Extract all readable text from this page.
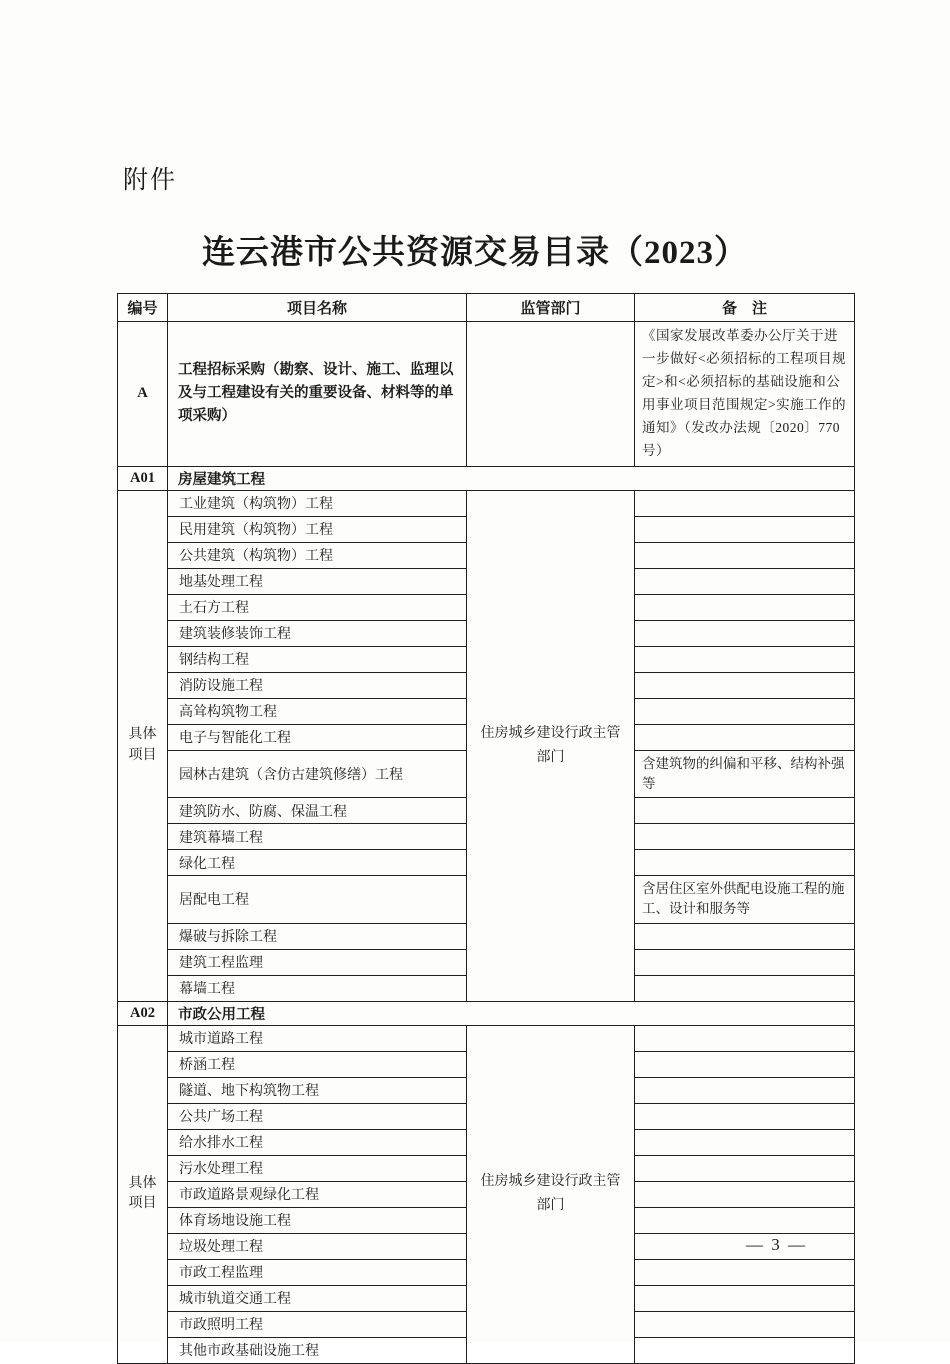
附件
连云港市公共资源交易目录（2023）
编号	项目名称	监管部门	备　注
A	工程招标采购（勘察、设计、施工、监理以及与工程建设有关的重要设备、材料等的单项采购）		《国家发展改革委办公厅关于进一步做好<必须招标的工程项目规定>和<必须招标的基础设施和公用事业项目范围规定>实施工作的通知》（发改办法规〔2020〕770 号）
A01	房屋建筑工程		
具体项目	工业建筑（构筑物）工程	住房城乡建设行政主管部门	
	民用建筑（构筑物）工程		
	公共建筑（构筑物）工程		
	地基处理工程		
	土石方工程		
	建筑装修装饰工程		
	钢结构工程		
	消防设施工程		
	高耸构筑物工程		
	电子与智能化工程		
	园林古建筑（含仿古建筑修缮）工程		含建筑物的纠偏和平移、结构补强等
	建筑防水、防腐、保温工程		
	建筑幕墙工程		
	绿化工程		
	居配电工程		含居住区室外供配电设施工程的施工、设计和服务等
	爆破与拆除工程		
	建筑工程监理		
	幕墙工程		
A02	市政公用工程		
具体项目	城市道路工程	住房城乡建设行政主管部门	
	桥涵工程		
	隧道、地下构筑物工程		
	公共广场工程		
	给水排水工程		
	污水处理工程		
	市政道路景观绿化工程		
	体育场地设施工程		
	垃圾处理工程		
	市政工程监理		
	城市轨道交通工程		
	市政照明工程		
	其他市政基础设施工程		
— 3 —
